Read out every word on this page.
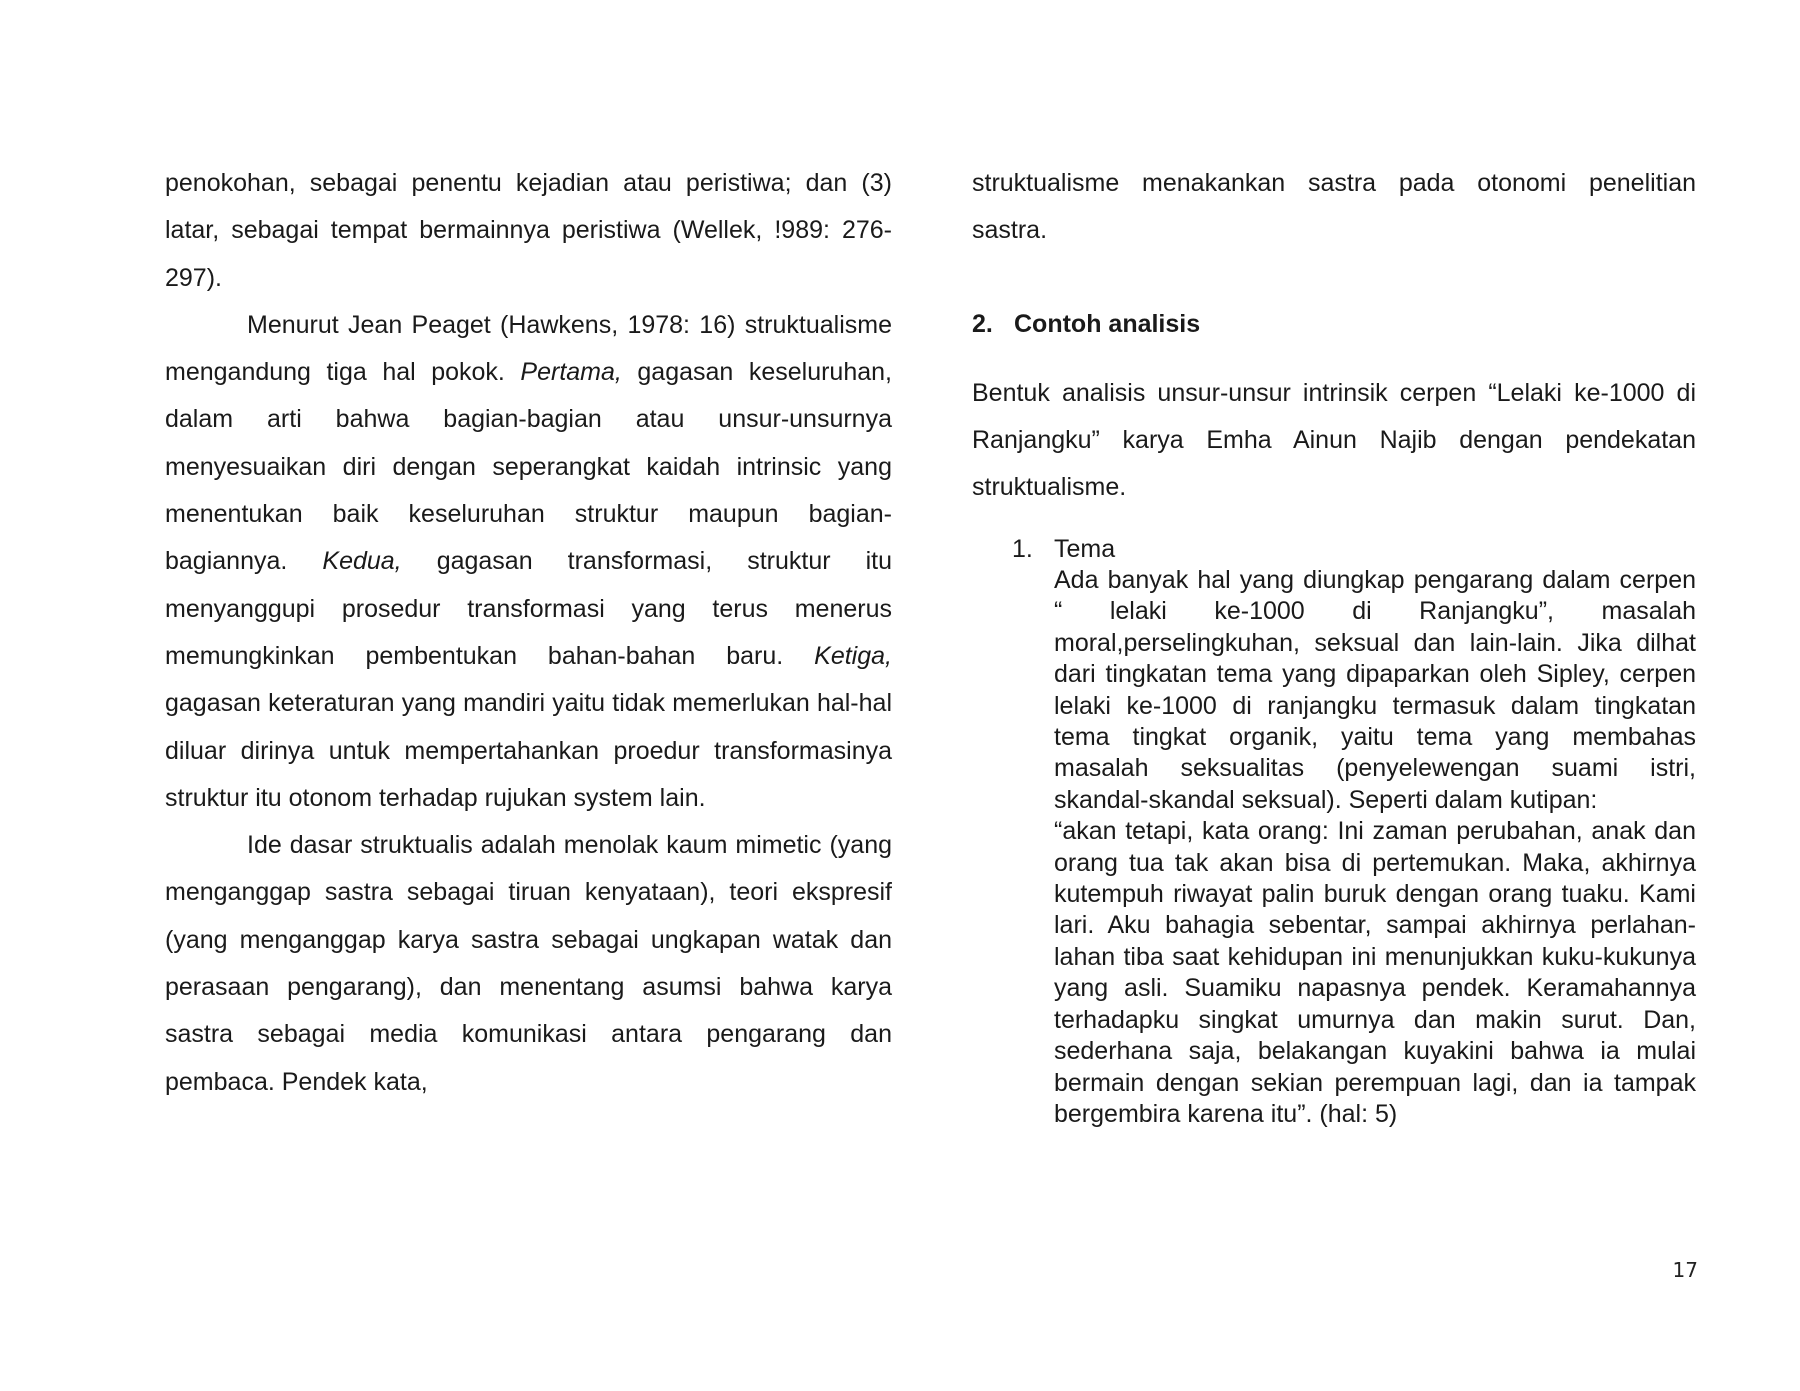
penokohan, sebagai penentu kejadian atau peristiwa; dan (3) latar, sebagai tempat bermainnya peristiwa (Wellek, !989: 276-297).

Menurut Jean Peaget (Hawkens, 1978: 16) struktualisme mengandung tiga hal pokok. Pertama, gagasan keseluruhan, dalam arti bahwa bagian-bagian atau unsur-unsurnya menyesuaikan diri dengan seperangkat kaidah intrinsic yang menentukan baik keseluruhan struktur maupun bagian-bagiannya. Kedua, gagasan transformasi, struktur itu menyanggupi prosedur transformasi yang terus menerus memungkinkan pembentukan bahan-bahan baru. Ketiga, gagasan keteraturan yang mandiri yaitu tidak memerlukan hal-hal diluar dirinya untuk mempertahankan proedur transformasinya struktur itu otonom terhadap rujukan system lain.

Ide dasar struktualis adalah menolak kaum mimetic (yang menganggap sastra sebagai tiruan kenyataan), teori ekspresif (yang menganggap karya sastra sebagai ungkapan watak dan perasaan pengarang), dan menentang asumsi bahwa karya sastra sebagai media komunikasi antara pengarang dan pembaca. Pendek kata,

struktualisme menakankan sastra pada otonomi penelitian sastra.

2. Contoh analisis

Bentuk analisis unsur-unsur intrinsik cerpen “Lelaki ke-1000 di Ranjangku” karya Emha Ainun Najib dengan pendekatan struktualisme.

1. Tema

Ada banyak hal yang diungkap pengarang dalam cerpen “ lelaki ke-1000 di Ranjangku”, masalah moral,perselingkuhan, seksual dan lain-lain. Jika dilhat dari tingkatan tema yang dipaparkan oleh Sipley, cerpen lelaki ke-1000 di ranjangku termasuk dalam tingkatan tema tingkat organik, yaitu tema yang membahas masalah seksualitas (penyelewengan suami istri, skandal-skandal seksual). Seperti dalam kutipan:

“akan tetapi, kata orang: Ini zaman perubahan, anak dan orang tua tak akan bisa di pertemukan. Maka, akhirnya kutempuh riwayat palin buruk dengan orang tuaku. Kami lari. Aku bahagia sebentar, sampai akhirnya perlahan-lahan tiba saat kehidupan ini menunjukkan kuku-kukunya yang asli. Suamiku napasnya pendek. Keramahannya terhadapku singkat umurnya dan makin surut. Dan, sederhana saja, belakangan kuyakini bahwa ia mulai bermain dengan sekian perempuan lagi, dan ia tampak bergembira karena itu”. (hal: 5)

17
